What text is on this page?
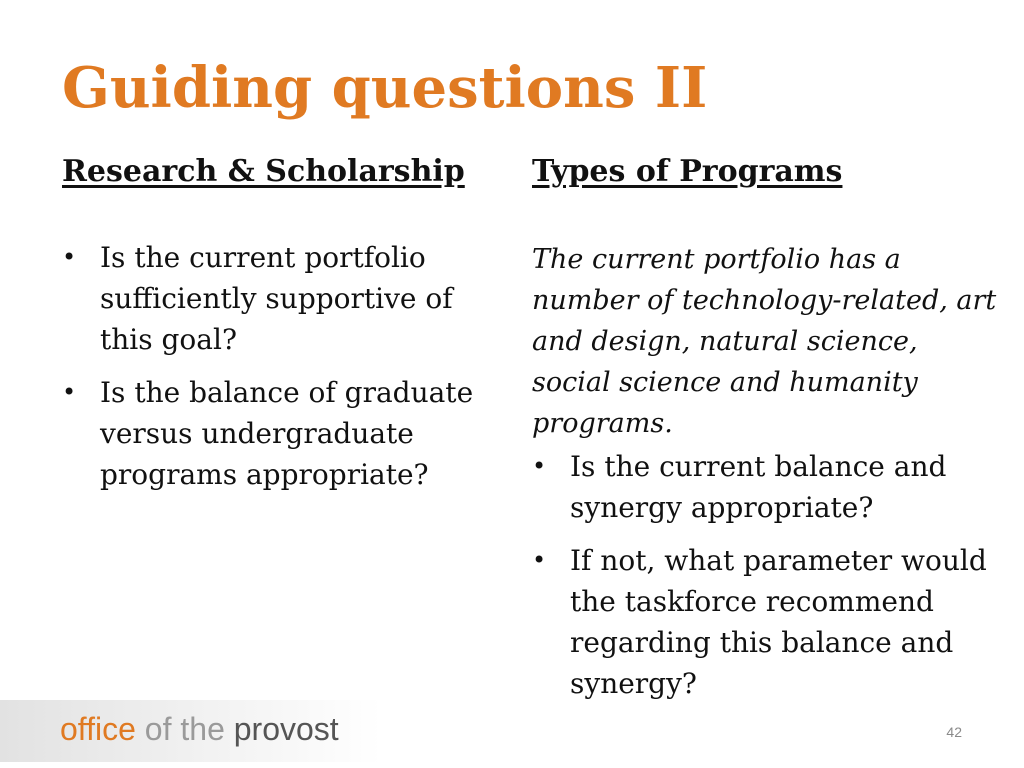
Guiding questions II
Research & Scholarship
• Is the current portfolio sufficiently supportive of this goal?
• Is the balance of graduate versus undergraduate programs appropriate?
Types of Programs

The current portfolio has a number of technology-related, art and design, natural science, social science and humanity programs.

• Is the current balance and synergy appropriate?
• If not, what parameter would the taskforce recommend regarding this balance and synergy?
office of the provost	42
